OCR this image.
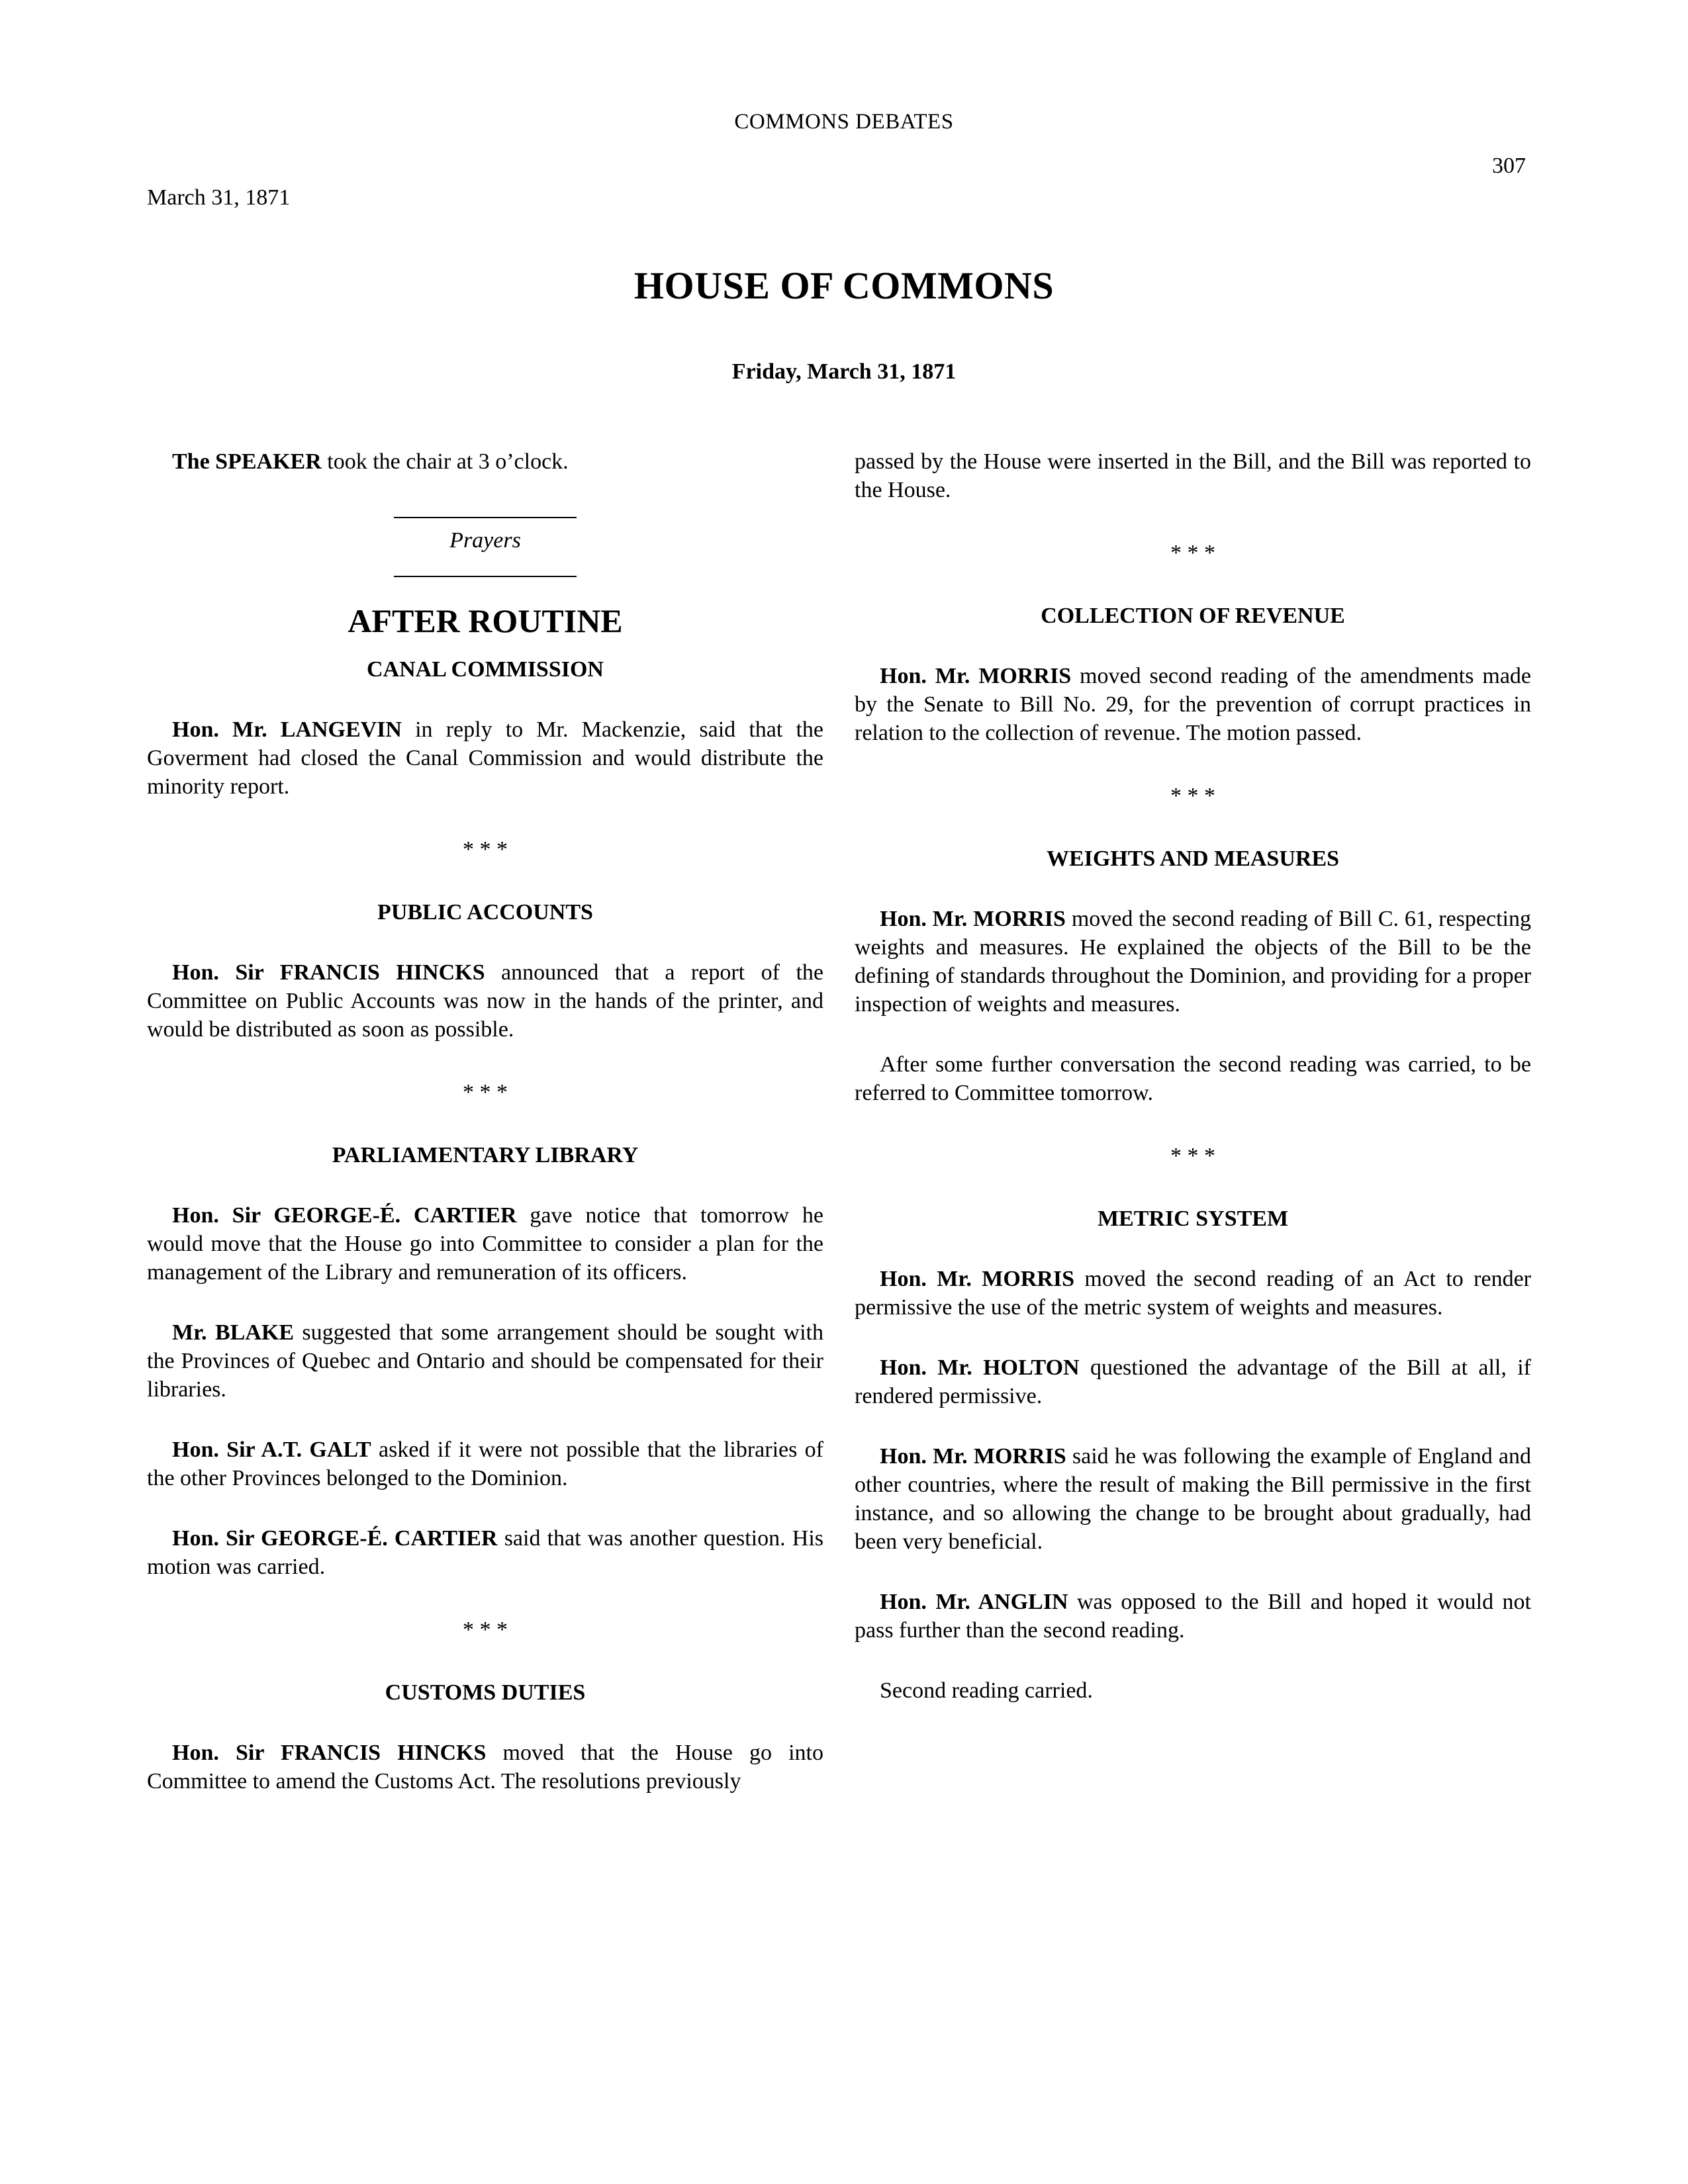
COMMONS DEBATES
307
March 31, 1871
HOUSE OF COMMONS
Friday, March 31, 1871

The SPEAKER took the chair at 3 o’clock.

Prayers

AFTER ROUTINE

CANAL COMMISSION

Hon. Mr. LANGEVIN in reply to Mr. Mackenzie, said that the Goverment had closed the Canal Commission and would distribute the minority report.

* * *

PUBLIC ACCOUNTS

Hon. Sir FRANCIS HINCKS announced that a report of the Committee on Public Accounts was now in the hands of the printer, and would be distributed as soon as possible.

* * *

PARLIAMENTARY LIBRARY

Hon. Sir GEORGE-É. CARTIER gave notice that tomorrow he would move that the House go into Committee to consider a plan for the management of the Library and remuneration of its officers.

Mr. BLAKE suggested that some arrangement should be sought with the Provinces of Quebec and Ontario and should be compensated for their libraries.

Hon. Sir A.T. GALT asked if it were not possible that the libraries of the other Provinces belonged to the Dominion.

Hon. Sir GEORGE-É. CARTIER said that was another question. His motion was carried.

* * *

CUSTOMS DUTIES

Hon. Sir FRANCIS HINCKS moved that the House go into Committee to amend the Customs Act. The resolutions previously

passed by the House were inserted in the Bill, and the Bill was reported to the House.

* * *

COLLECTION OF REVENUE

Hon. Mr. MORRIS moved second reading of the amendments made by the Senate to Bill No. 29, for the prevention of corrupt practices in relation to the collection of revenue. The motion passed.

* * *

WEIGHTS AND MEASURES

Hon. Mr. MORRIS moved the second reading of Bill C. 61, respecting weights and measures. He explained the objects of the Bill to be the defining of standards throughout the Dominion, and providing for a proper inspection of weights and measures.

After some further conversation the second reading was carried, to be referred to Committee tomorrow.

* * *

METRIC SYSTEM

Hon. Mr. MORRIS moved the second reading of an Act to render permissive the use of the metric system of weights and measures.

Hon. Mr. HOLTON questioned the advantage of the Bill at all, if rendered permissive.

Hon. Mr. MORRIS said he was following the example of England and other countries, where the result of making the Bill permissive in the first instance, and so allowing the change to be brought about gradually, had been very beneficial.

Hon. Mr. ANGLIN was opposed to the Bill and hoped it would not pass further than the second reading.

Second reading carried.
